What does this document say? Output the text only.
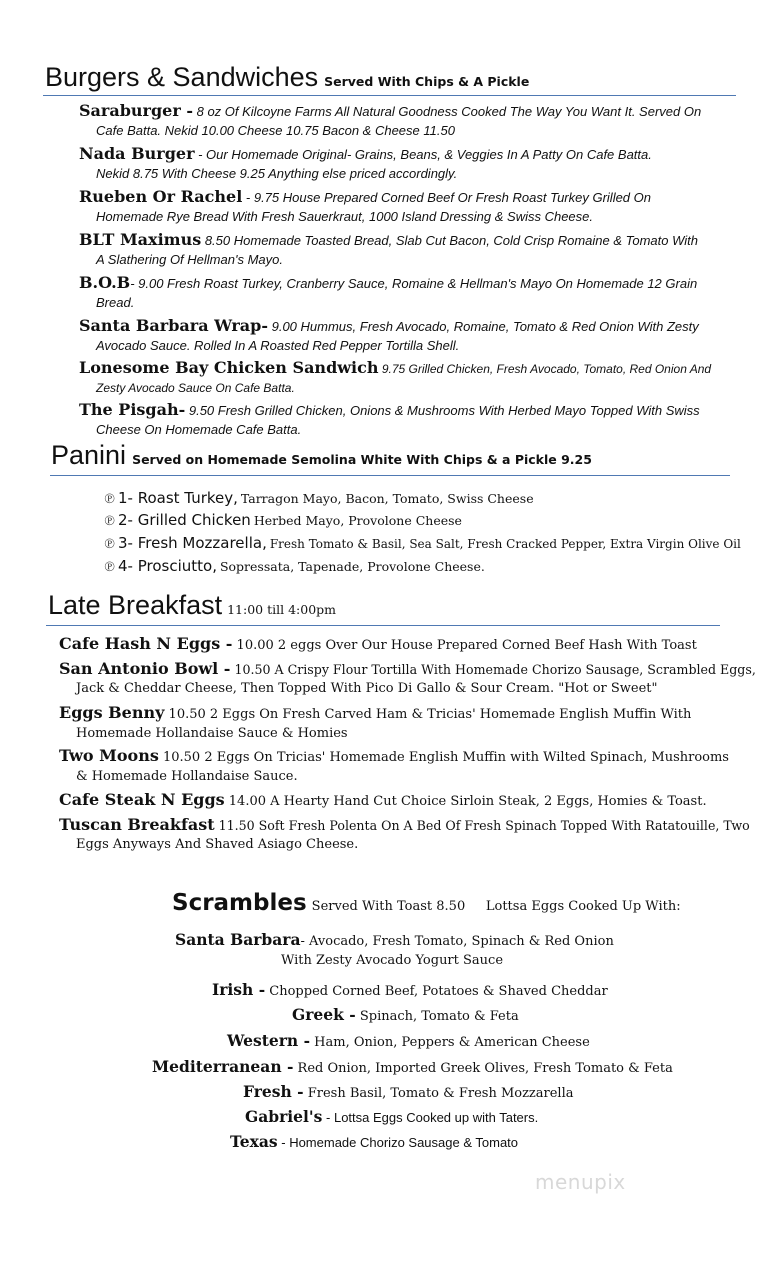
Burgers & Sandwiches Served With Chips & A Pickle
Saraburger - 8 oz Of Kilcoyne Farms All Natural Goodness Cooked The Way You Want It. Served On
Cafe Batta. Nekid 10.00 Cheese 10.75 Bacon & Cheese 11.50
Nada Burger - Our Homemade Original- Grains, Beans, & Veggies In A Patty On Cafe Batta.
Nekid 8.75 With Cheese 9.25 Anything else priced accordingly.
Rueben Or Rachel - 9.75 House Prepared Corned Beef Or Fresh Roast Turkey Grilled On
Homemade Rye Bread With Fresh Sauerkraut, 1000 Island Dressing & Swiss Cheese.
BLT Maximus 8.50 Homemade Toasted Bread, Slab Cut Bacon, Cold Crisp Romaine & Tomato With
A Slathering Of Hellman's Mayo.
B.O.B- 9.00 Fresh Roast Turkey, Cranberry Sauce, Romaine & Hellman's Mayo On Homemade 12 Grain
Bread.
Santa Barbara Wrap- 9.00 Hummus, Fresh Avocado, Romaine, Tomato & Red Onion With Zesty
Avocado Sauce. Rolled In A Roasted Red Pepper Tortilla Shell.
Lonesome Bay Chicken Sandwich 9.75 Grilled Chicken, Fresh Avocado, Tomato, Red Onion And
Zesty Avocado Sauce On Cafe Batta.
The Pisgah- 9.50 Fresh Grilled Chicken, Onions & Mushrooms With Herbed Mayo Topped With Swiss
Cheese On Homemade Cafe Batta.
Panini Served on Homemade Semolina White With Chips & a Pickle 9.25
℗ 1- Roast Turkey, Tarragon Mayo, Bacon, Tomato, Swiss Cheese
℗ 2- Grilled Chicken Herbed Mayo, Provolone Cheese
℗ 3- Fresh Mozzarella, Fresh Tomato & Basil, Sea Salt, Fresh Cracked Pepper, Extra Virgin Olive Oil
℗ 4- Prosciutto, Sopressata, Tapenade, Provolone Cheese.
Late Breakfast 11:00 till 4:00pm
Cafe Hash N Eggs - 10.00 2 eggs Over Our House Prepared Corned Beef Hash With Toast
San Antonio Bowl - 10.50 A Crispy Flour Tortilla With Homemade Chorizo Sausage, Scrambled Eggs,
Jack & Cheddar Cheese, Then Topped With Pico Di Gallo & Sour Cream. "Hot or Sweet"
Eggs Benny 10.50 2 Eggs On Fresh Carved Ham & Tricias' Homemade English Muffin With
Homemade Hollandaise Sauce & Homies
Two Moons 10.50 2 Eggs On Tricias' Homemade English Muffin with Wilted Spinach, Mushrooms
& Homemade Hollandaise Sauce.
Cafe Steak N Eggs 14.00 A Hearty Hand Cut Choice Sirloin Steak, 2 Eggs, Homies & Toast.
Tuscan Breakfast 11.50 Soft Fresh Polenta On A Bed Of Fresh Spinach Topped With Ratatouille, Two
Eggs Anyways And Shaved Asiago Cheese.
Scrambles Served With Toast 8.50     Lottsa Eggs Cooked Up With:
Santa Barbara- Avocado, Fresh Tomato, Spinach & Red Onion
With Zesty Avocado Yogurt Sauce
Irish - Chopped Corned Beef, Potatoes & Shaved Cheddar
Greek - Spinach, Tomato & Feta
Western - Ham, Onion, Peppers & American Cheese
Mediterranean - Red Onion, Imported Greek Olives, Fresh Tomato & Feta
Fresh - Fresh Basil, Tomato & Fresh Mozzarella
Gabriel's - Lottsa Eggs Cooked up with Taters.
Texas - Homemade Chorizo Sausage & Tomato
menupix
